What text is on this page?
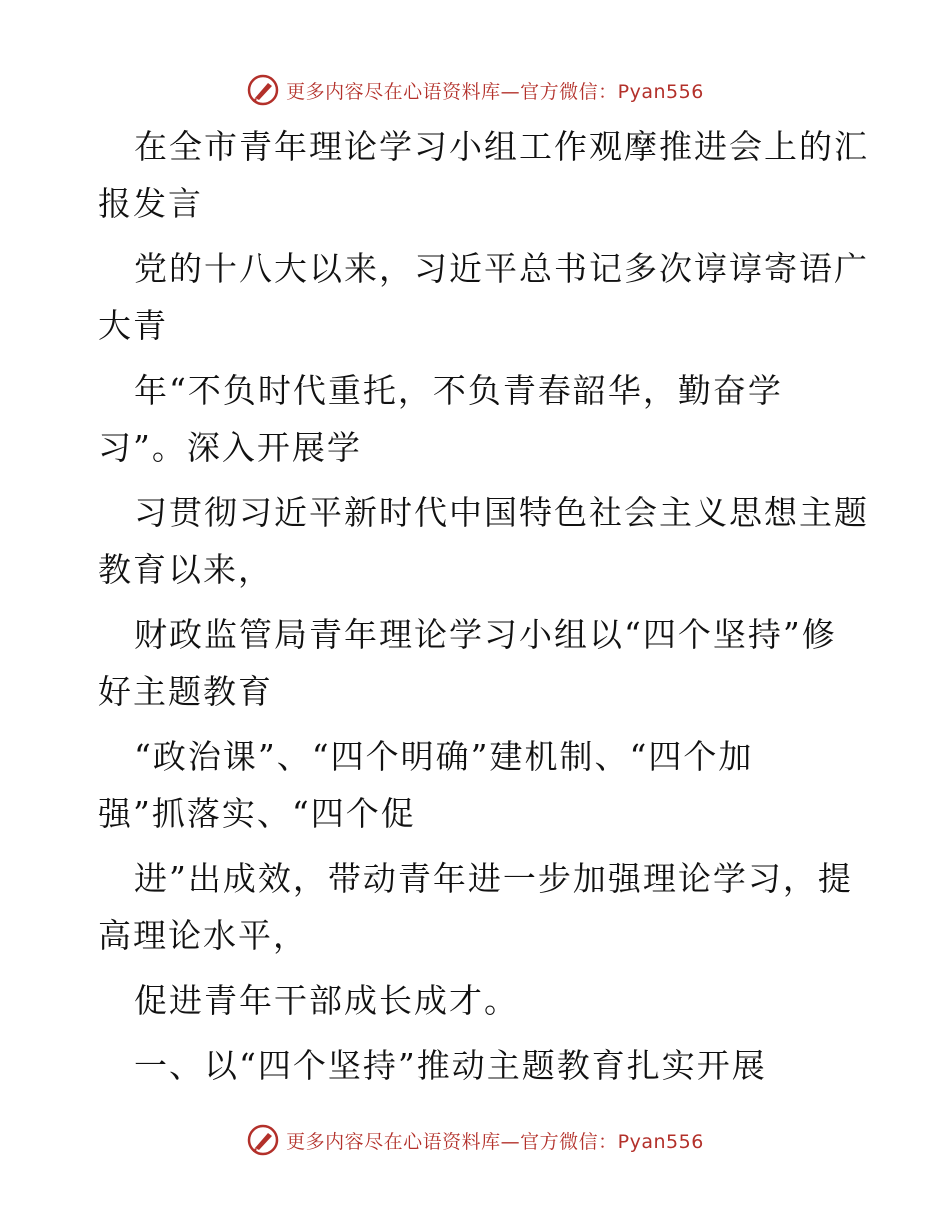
更多内容尽在心语资料库—官方微信：Pyan556

在全市青年理论学习小组工作观摩推进会上的汇
报发言

党的十八大以来，习近平总书记多次谆谆寄语广
大青

年“不负时代重托，不负青春韶华，勤奋学
习”。深入开展学

习贯彻习近平新时代中国特色社会主义思想主题
教育以来，

财政监管局青年理论学习小组以“四个坚持”修
好主题教育

“政治课”、“四个明确”建机制、“四个加
强”抓落实、“四个促

进”出成效，带动青年进一步加强理论学习，提
高理论水平，

促进青年干部成长成才。

一、以“四个坚持”推动主题教育扎实开展

更多内容尽在心语资料库—官方微信：Pyan556
